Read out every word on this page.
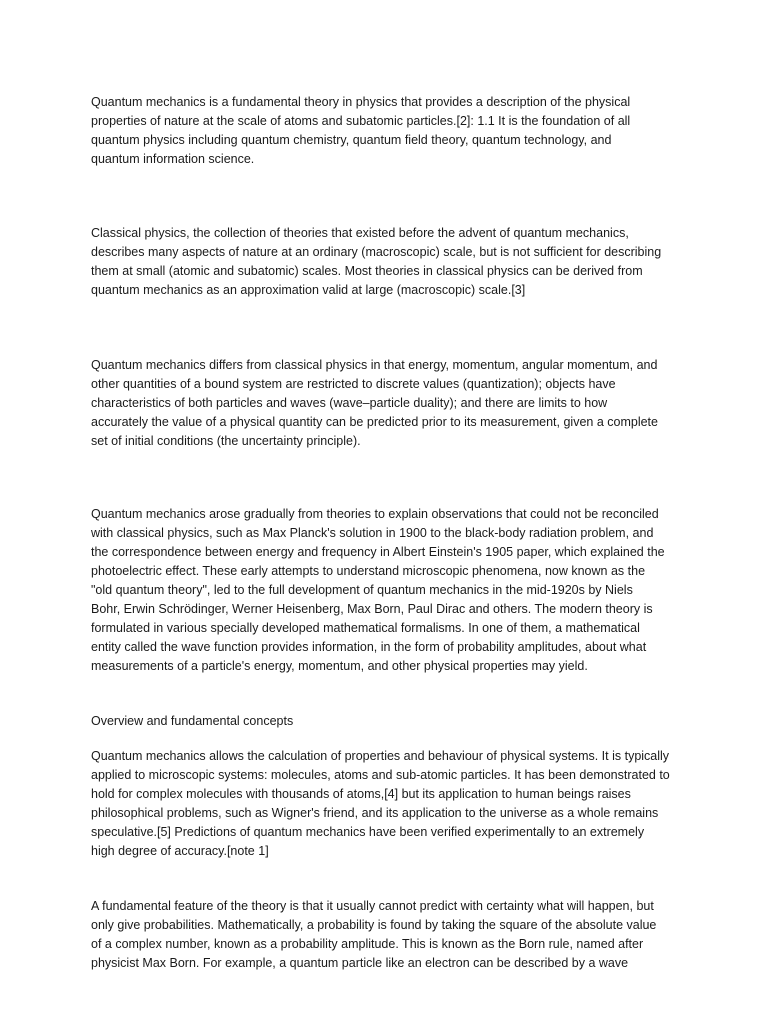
Quantum mechanics is a fundamental theory in physics that provides a description of the physical
properties of nature at the scale of atoms and subatomic particles.[2]: 1.1 It is the foundation of all
quantum physics including quantum chemistry, quantum field theory, quantum technology, and
quantum information science.

Classical physics, the collection of theories that existed before the advent of quantum mechanics,
describes many aspects of nature at an ordinary (macroscopic) scale, but is not sufficient for describing
them at small (atomic and subatomic) scales. Most theories in classical physics can be derived from
quantum mechanics as an approximation valid at large (macroscopic) scale.[3]

Quantum mechanics differs from classical physics in that energy, momentum, angular momentum, and
other quantities of a bound system are restricted to discrete values (quantization); objects have
characteristics of both particles and waves (wave–particle duality); and there are limits to how
accurately the value of a physical quantity can be predicted prior to its measurement, given a complete
set of initial conditions (the uncertainty principle).

Quantum mechanics arose gradually from theories to explain observations that could not be reconciled
with classical physics, such as Max Planck's solution in 1900 to the black-body radiation problem, and
the correspondence between energy and frequency in Albert Einstein's 1905 paper, which explained the
photoelectric effect. These early attempts to understand microscopic phenomena, now known as the
"old quantum theory", led to the full development of quantum mechanics in the mid-1920s by Niels
Bohr, Erwin Schrödinger, Werner Heisenberg, Max Born, Paul Dirac and others. The modern theory is
formulated in various specially developed mathematical formalisms. In one of them, a mathematical
entity called the wave function provides information, in the form of probability amplitudes, about what
measurements of a particle's energy, momentum, and other physical properties may yield.

Overview and fundamental concepts

Quantum mechanics allows the calculation of properties and behaviour of physical systems. It is typically
applied to microscopic systems: molecules, atoms and sub-atomic particles. It has been demonstrated to
hold for complex molecules with thousands of atoms,[4] but its application to human beings raises
philosophical problems, such as Wigner's friend, and its application to the universe as a whole remains
speculative.[5] Predictions of quantum mechanics have been verified experimentally to an extremely
high degree of accuracy.[note 1]

A fundamental feature of the theory is that it usually cannot predict with certainty what will happen, but
only give probabilities. Mathematically, a probability is found by taking the square of the absolute value
of a complex number, known as a probability amplitude. This is known as the Born rule, named after
physicist Max Born. For example, a quantum particle like an electron can be described by a wave
